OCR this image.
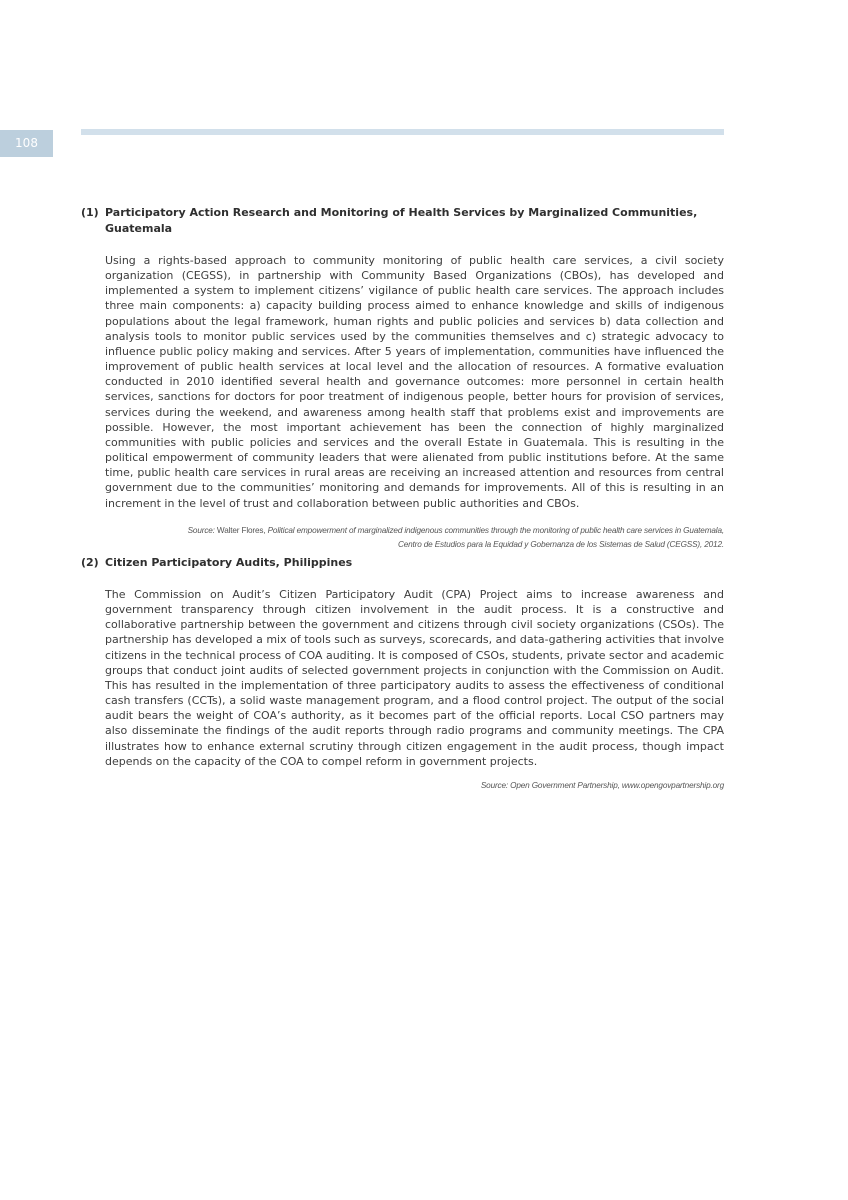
108
(1) Participatory Action Research and Monitoring of Health Services by Marginalized Communities, Guatemala

Using a rights-based approach to community monitoring of public health care services, a civil society organization (CEGSS), in partnership with Community Based Organizations (CBOs), has developed and implemented a system to implement citizens’ vigilance of public health care services. The approach includes three main components: a) capacity building process aimed to enhance knowledge and skills of indigenous populations about the legal framework, human rights and public policies and services b) data collection and analysis tools to monitor public services used by the communities themselves and c) strategic advocacy to influence public policy making and services. After 5 years of implementation, communities have influenced the improvement of public health services at local level and the allocation of resources. A formative evaluation conducted in 2010 identified several health and governance outcomes: more personnel in certain health services, sanctions for doctors for poor treatment of indigenous people, better hours for provision of services, services during the weekend, and awareness among health staff that problems exist and improvements are possible. However, the most important achievement has been the connection of highly marginalized communities with public policies and services and the overall Estate in Guatemala. This is resulting in the political empowerment of community leaders that were alienated from public institutions before. At the same time, public health care services in rural areas are receiving an increased attention and resources from central government due to the communities’ monitoring and demands for improvements. All of this is resulting in an increment in the level of trust and collaboration between public authorities and CBOs.

Source: Walter Flores, Political empowerment of marginalized indigenous communities through the monitoring of public health care services in Guatemala,
Centro de Estudios para la Equidad y Gobernanza de los Sistemas de Salud (CEGSS), 2012.
(2) Citizen Participatory Audits, Philippines

The Commission on Audit’s Citizen Participatory Audit (CPA) Project aims to increase awareness and government transparency through citizen involvement in the audit process. It is a constructive and collaborative partnership between the government and citizens through civil society organizations (CSOs). The partnership has developed a mix of tools such as surveys, scorecards, and data-gathering activities that involve citizens in the technical process of COA auditing. It is composed of CSOs, students, private sector and academic groups that conduct joint audits of selected government projects in conjunction with the Commission on Audit. This has resulted in the implementation of three participatory audits to assess the effectiveness of conditional cash transfers (CCTs), a solid waste management program, and a flood control project. The output of the social audit bears the weight of COA’s authority, as it becomes part of the official reports. Local CSO partners may also disseminate the findings of the audit reports through radio programs and community meetings. The CPA illustrates how to enhance external scrutiny through citizen engagement in the audit process, though impact depends on the capacity of the COA to compel reform in government projects.

Source: Open Government Partnership, www.opengovpartnership.org
